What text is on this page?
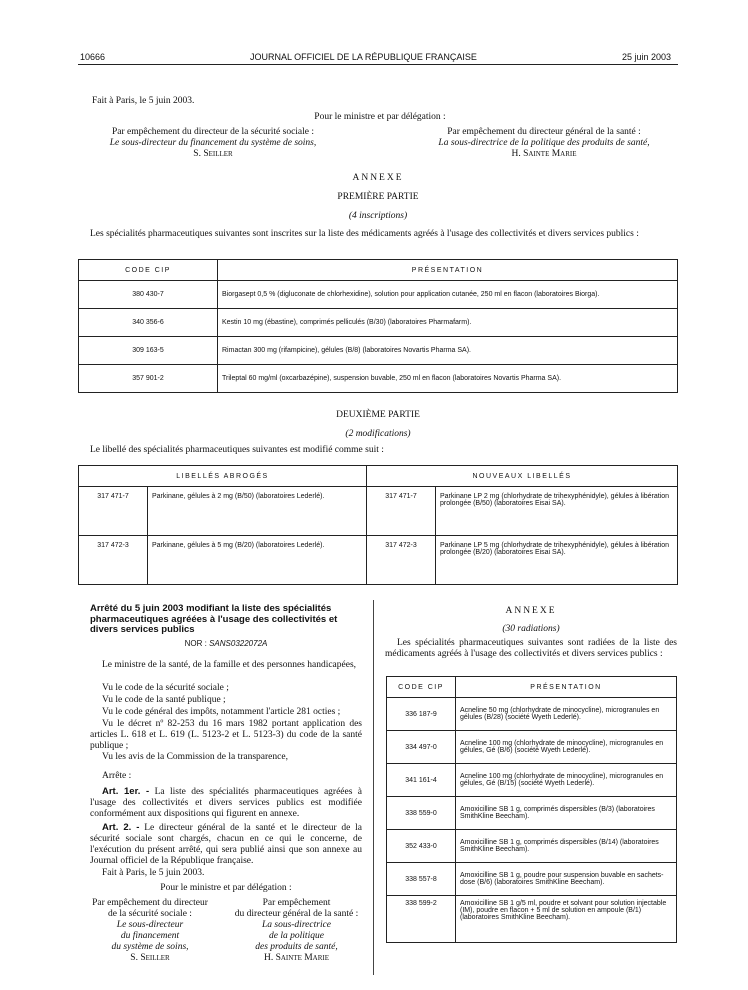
10666	JOURNAL OFFICIEL DE LA RÉPUBLIQUE FRANÇAISE	25 juin 2003
Fait à Paris, le 5 juin 2003.
Pour le ministre et par délégation :
Par empêchement du directeur de la sécurité sociale :
Le sous-directeur du financement du système de soins,
S. Seiller
Par empêchement du directeur général de la santé :
La sous-directrice de la politique des produits de santé,
H. Sainte Marie
ANNEXE
PREMIÈRE PARTIE
(4 inscriptions)
Les spécialités pharmaceutiques suivantes sont inscrites sur la liste des médicaments agréés à l'usage des collectivités et divers services publics :
CODE CIP	PRÉSENTATION
380 430-7	Biorgasept 0,5 % (digluconate de chlorhexidine), solution pour application cutanée, 250 ml en flacon (laboratoires Biorga).
340 356-6	Kestin 10 mg (ébastine), comprimés pelliculés (B/30) (laboratoires Pharmafarm).
309 163-5	Rimactan 300 mg (rifampicine), gélules (B/8) (laboratoires Novartis Pharma SA).
357 901-2	Trileptal 60 mg/ml (oxcarbazépine), suspension buvable, 250 ml en flacon (laboratoires Novartis Pharma SA).
DEUXIÈME PARTIE
(2 modifications)
Le libellé des spécialités pharmaceutiques suivantes est modifié comme suit :
LIBELLÉS ABROGÉS		NOUVEAUX LIBELLÉS	
317 471-7	Parkinane, gélules à 2 mg (B/50) (laboratoires Lederlé).	317 471-7	Parkinane LP 2 mg (chlorhydrate de trihexyphénidyle), gélules à libération prolongée (B/50) (laboratoires Eisai SA).
317 472-3	Parkinane, gélules à 5 mg (B/20) (laboratoires Lederlé).	317 472-3	Parkinane LP 5 mg (chlorhydrate de trihexyphénidyle), gélules à libération prolongée (B/20) (laboratoires Eisai SA).
Arrêté du 5 juin 2003 modifiant la liste des spécialités pharmaceutiques agréées à l'usage des collectivités et divers services publics
NOR : SANS0322072A
Le ministre de la santé, de la famille et des personnes handicapées,
Vu le code de la sécurité sociale ;
Vu le code de la santé publique ;
Vu le code général des impôts, notamment l'article 281 octies ;
Vu le décret nº 82-253 du 16 mars 1982 portant application des articles L. 618 et L. 619 (L. 5123-2 et L. 5123-3) du code de la santé publique ;
Vu les avis de la Commission de la transparence,
Arrête :
Art. 1er. - La liste des spécialités pharmaceutiques agréées à l'usage des collectivités et divers services publics est modifiée conformément aux dispositions qui figurent en annexe.
Art. 2. - Le directeur général de la santé et le directeur de la sécurité sociale sont chargés, chacun en ce qui le concerne, de l'exécution du présent arrêté, qui sera publié ainsi que son annexe au Journal officiel de la République française.
Fait à Paris, le 5 juin 2003.
Pour le ministre et par délégation :
Par empêchement du directeur
de la sécurité sociale :
Le sous-directeur
du financement
du système de soins,
S. Seiller
Par empêchement
du directeur général de la santé :
La sous-directrice
de la politique
des produits de santé,
H. Sainte Marie
ANNEXE
(30 radiations)
Les spécialités pharmaceutiques suivantes sont radiées de la liste des médicaments agréés à l'usage des collectivités et divers services publics :
CODE CIP	PRÉSENTATION
336 187-9	Acneline 50 mg (chlorhydrate de minocycline), microgranules en gélules (B/28) (société Wyeth Lederlé).
334 497-0	Acneline 100 mg (chlorhydrate de minocycline), microgranules en gélules, Gé (B/6) (société Wyeth Lederlé).
341 161-4	Acneline 100 mg (chlorhydrate de minocycline), microgranules en gélules, Gé (B/15) (société Wyeth Lederlé).
338 559-0	Amoxicilline SB 1 g, comprimés dispersibles (B/3) (laboratoires SmithKline Beecham).
352 433-0	Amoxicilline SB 1 g, comprimés dispersibles (B/14) (laboratoires SmithKline Beecham).
338 557-8	Amoxicilline SB 1 g, poudre pour suspension buvable en sachets-dose (B/6) (laboratoires SmithKline Beecham).
338 599-2	Amoxicilline SB 1 g/5 ml, poudre et solvant pour solution injectable (IM), poudre en flacon + 5 ml de solution en ampoule (B/1) (laboratoires SmithKline Beecham).
